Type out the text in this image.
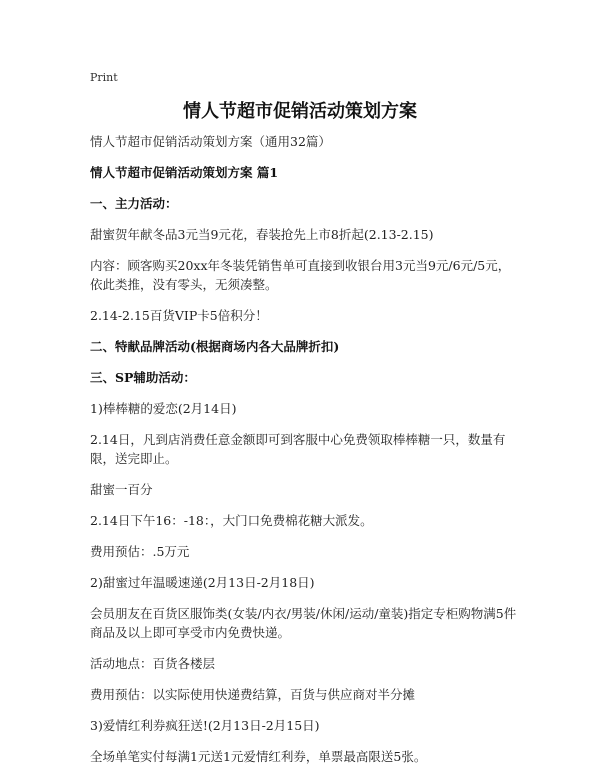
Print
情人节超市促销活动策划方案

情人节超市促销活动策划方案（通用32篇）

情人节超市促销活动策划方案 篇1

一、主力活动：

甜蜜贺年献冬品3元当9元花，春装抢先上市8折起(2.13-2.15)

内容：顾客购买20xx年冬装凭销售单可直接到收银台用3元当9元/6元/5元，依此类推，没有零头，无须凑整。

2.14-2.15百货VIP卡5倍积分！

二、特献品牌活动(根据商场内各大品牌折扣)

三、SP辅助活动：

1)棒棒糖的爱恋(2月14日)

2.14日，凡到店消费任意金额即可到客服中心免费领取棒棒糖一只，数量有限，送完即止。

甜蜜一百分

2.14日下午16：-18：，大门口免费棉花糖大派发。

费用预估：.5万元

2)甜蜜过年温暖速递(2月13日-2月18日)

会员朋友在百货区服饰类(女装/内衣/男装/休闲/运动/童装)指定专柜购物满5件商品及以上即可享受市内免费快递。

活动地点：百货各楼层

费用预估：以实际使用快递费结算，百货与供应商对半分摊

3)爱情红利券疯狂送!(2月13日-2月15日)

全场单笔实付每满1元送1元爱情红利券，单票最高限送5张。
